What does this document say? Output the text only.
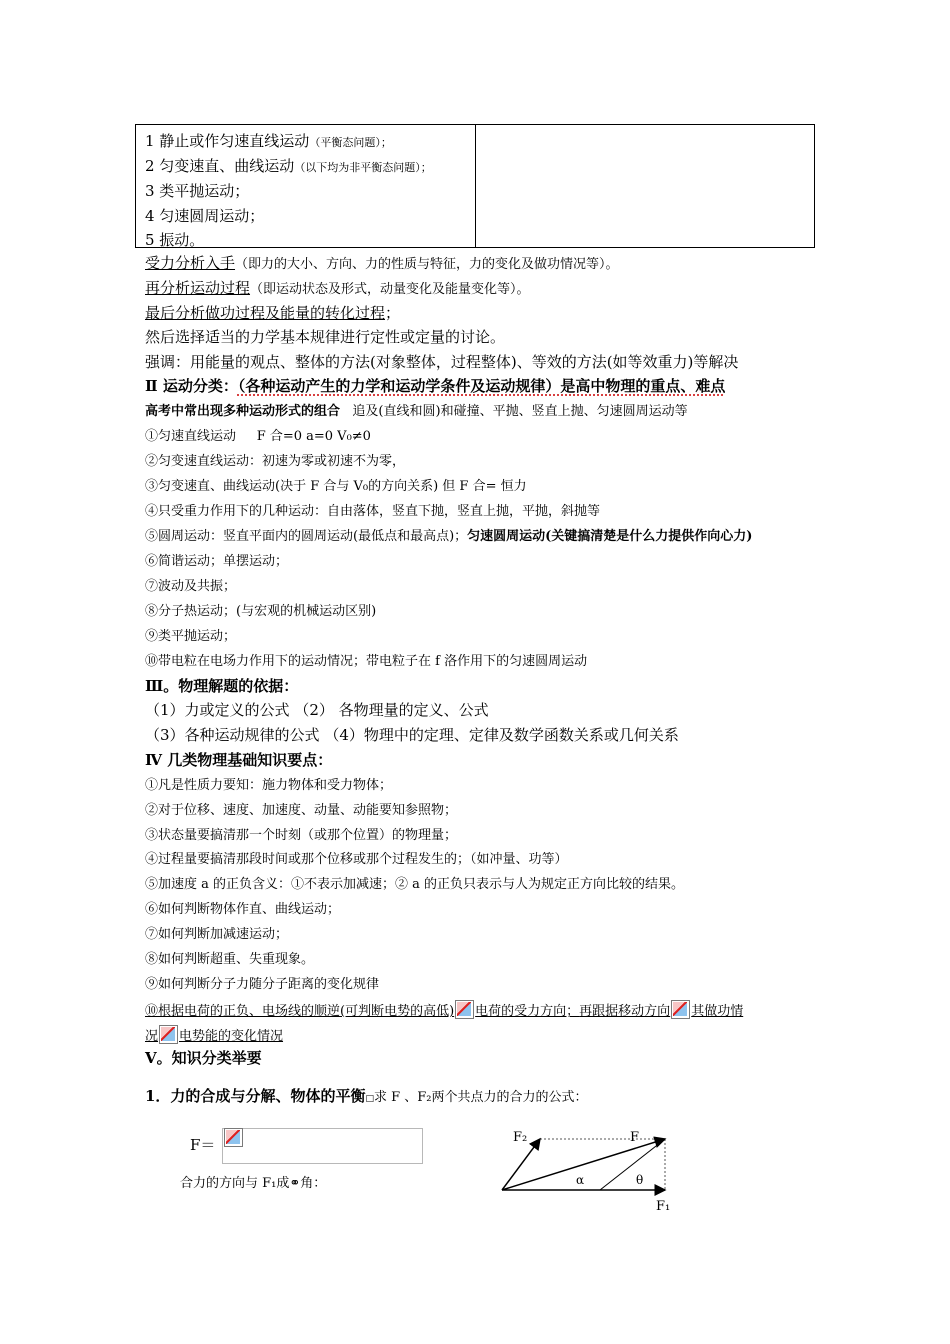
1 静止或作匀速直线运动（平衡态问题）；
2 匀变速直、曲线运动（以下均为非平衡态问题）；
3 类平抛运动；
4 匀速圆周运动；
5 振动。
受力分析入手（即力的大小、方向、力的性质与特征，力的变化及做功情况等）。
再分析运动过程（即运动状态及形式，动量变化及能量变化等）。
最后分析做功过程及能量的转化过程；
然后选择适当的力学基本规律进行定性或定量的讨论。
强调：用能量的观点、整体的方法(对象整体，过程整体)、等效的方法(如等效重力)等解决
Ⅱ 运动分类：（各种运动产生的力学和运动学条件及运动规律）是高中物理的重点、难点
高考中常出现多种运动形式的组合 追及(直线和圆)和碰撞、平抛、竖直上抛、匀速圆周运动等
①匀速直线运动 F 合=0 a=0 V₀≠0
②匀变速直线运动：初速为零或初速不为零，
③匀变速直、曲线运动(决于 F 合与 V₀的方向关系) 但 F 合= 恒力
④只受重力作用下的几种运动：自由落体，竖直下抛，竖直上抛，平抛，斜抛等
⑤圆周运动：竖直平面内的圆周运动(最低点和最高点)；匀速圆周运动(关键搞清楚是什么力提供作向心力)
⑥简谐运动；单摆运动；
⑦波动及共振；
⑧分子热运动；(与宏观的机械运动区别)
⑨类平抛运动；
⑩带电粒在电场力作用下的运动情况；带电粒子在 f 洛作用下的匀速圆周运动
Ⅲ。物理解题的依据：
（1）力或定义的公式 （2） 各物理量的定义、公式
（3）各种运动规律的公式 （4）物理中的定理、定律及数学函数关系或几何关系
Ⅳ 几类物理基础知识要点：
①凡是性质力要知：施力物体和受力物体；
②对于位移、速度、加速度、动量、动能要知参照物；
③状态量要搞清那一个时刻（或那个位置）的物理量；
④过程量要搞清那段时间或那个位移或那个过程发生的；（如冲量、功等）
⑤加速度 a 的正负含义：①不表示加减速；② a 的正负只表示与人为规定正方向比较的结果。
⑥如何判断物体作直、曲线运动；
⑦如何判断加减速运动；
⑧如何判断超重、失重现象。
⑨如何判断分子力随分子距离的变化规律
⑩根据电荷的正负、电场线的顺逆(可判断电势的高低) 电荷的受力方向；再跟据移动方向 其做功情
况 电势能的变化情况
V。知识分类举要
1．力的合成与分解、物体的平衡□求 F 、F₂两个共点力的合力的公式：
F＝
合力的方向与 F₁成⚭角：
F₂	F
α	θ
F₁
